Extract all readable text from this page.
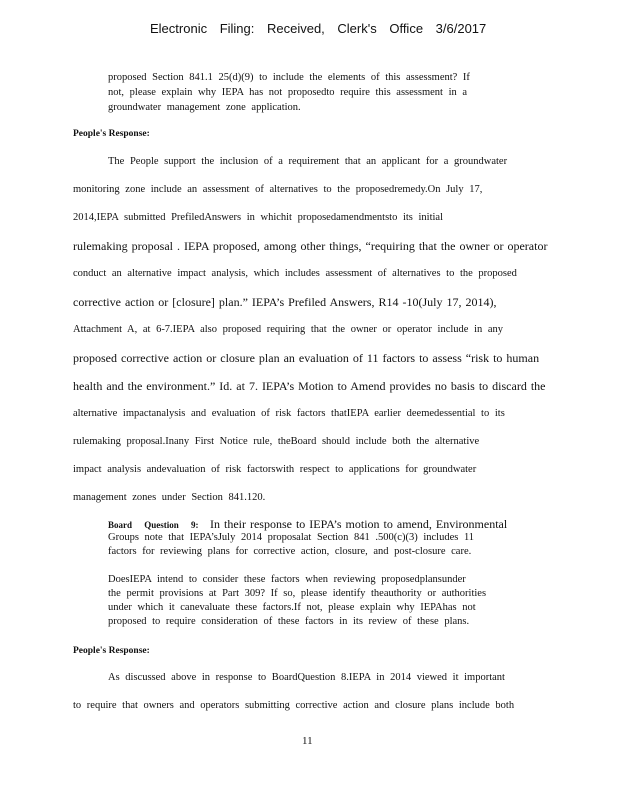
Electronic Filing: Received, Clerk's Office 3/6/2017
proposed Section 841.1 25(d)(9) to include the elements of this assessment? If
not, please explain why IEPA has not proposedto require this assessment in a
groundwater management zone application.
People's Response:
The People support the inclusion of a requirement that an applicant for a groundwater
monitoring zone include an assessment of alternatives to the proposedremedy.On July 17,
2014,IEPA submitted PrefiledAnswers in whichit proposedamendmentsto its initial
rulemaking proposal . IEPA proposed, among other things, “requiring that the owner or operator
conduct an alternative impact analysis, which includes assessment of alternatives to the proposed
corrective action or [closure] plan.” IEPA’s Prefiled Answers, R14 -10(July 17, 2014),
Attachment A, at 6-7.IEPA also proposed requiring that the owner or operator include in any
proposed corrective action or closure plan an evaluation of 11 factors to assess “risk to human
health and the environment.” Id. at 7. IEPA’s Motion to Amend provides no basis to discard the
alternative impactanalysis and evaluation of risk factors thatIEPA earlier deemedessential to its
rulemaking proposal.Inany First Notice rule, theBoard should include both the alternative
impact analysis andevaluation of risk factorswith respect to applications for groundwater
management zones under Section 841.120.
Board Question 9: In their response to IEPA’s motion to amend, Environmental
Groups note that IEPA’sJuly 2014 proposalat Section 841 .500(c)(3) includes 11
factors for reviewing plans for corrective action, closure, and post-closure care.
DoesIEPA intend to consider these factors when reviewing proposedplansunder
the permit provisions at Part 309? If so, please identify theauthority or authorities
under which it canevaluate these factors.If not, please explain why IEPAhas not
proposed to require consideration of these factors in its review of these plans.
People's Response:
As discussed above in response to BoardQuestion 8.IEPA in 2014 viewed it important
to require that owners and operators submitting corrective action and closure plans include both
11
